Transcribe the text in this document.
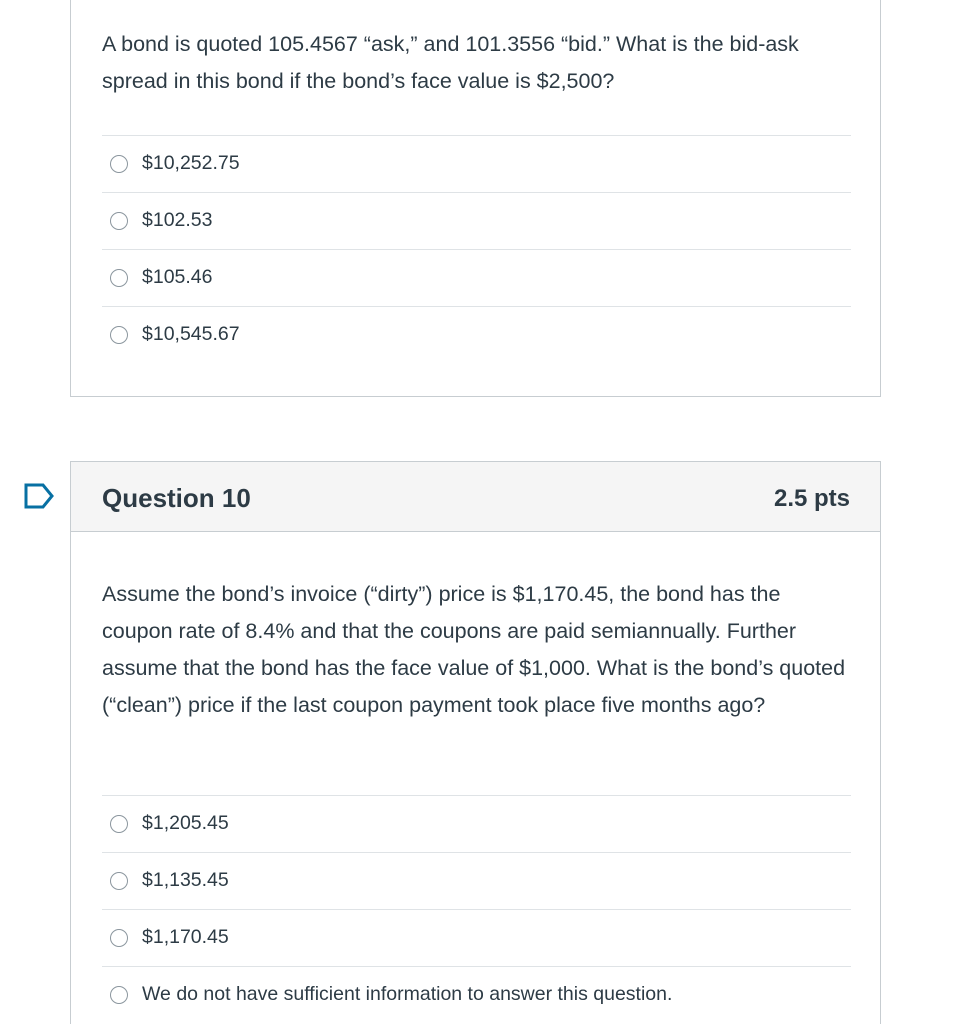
A bond is quoted 105.4567 “ask,” and 101.3556 “bid.” What is the bid-ask spread in this bond if the bond’s face value is $2,500?
$10,252.75
$102.53
$105.46
$10,545.67
Question 10	2.5 pts
Assume the bond’s invoice (“dirty”) price is $1,170.45, the bond has the coupon rate of 8.4% and that the coupons are paid semiannually. Further assume that the bond has the face value of $1,000. What is the bond’s quoted (“clean”) price if the last coupon payment took place five months ago?
$1,205.45
$1,135.45
$1,170.45
We do not have sufficient information to answer this question.
